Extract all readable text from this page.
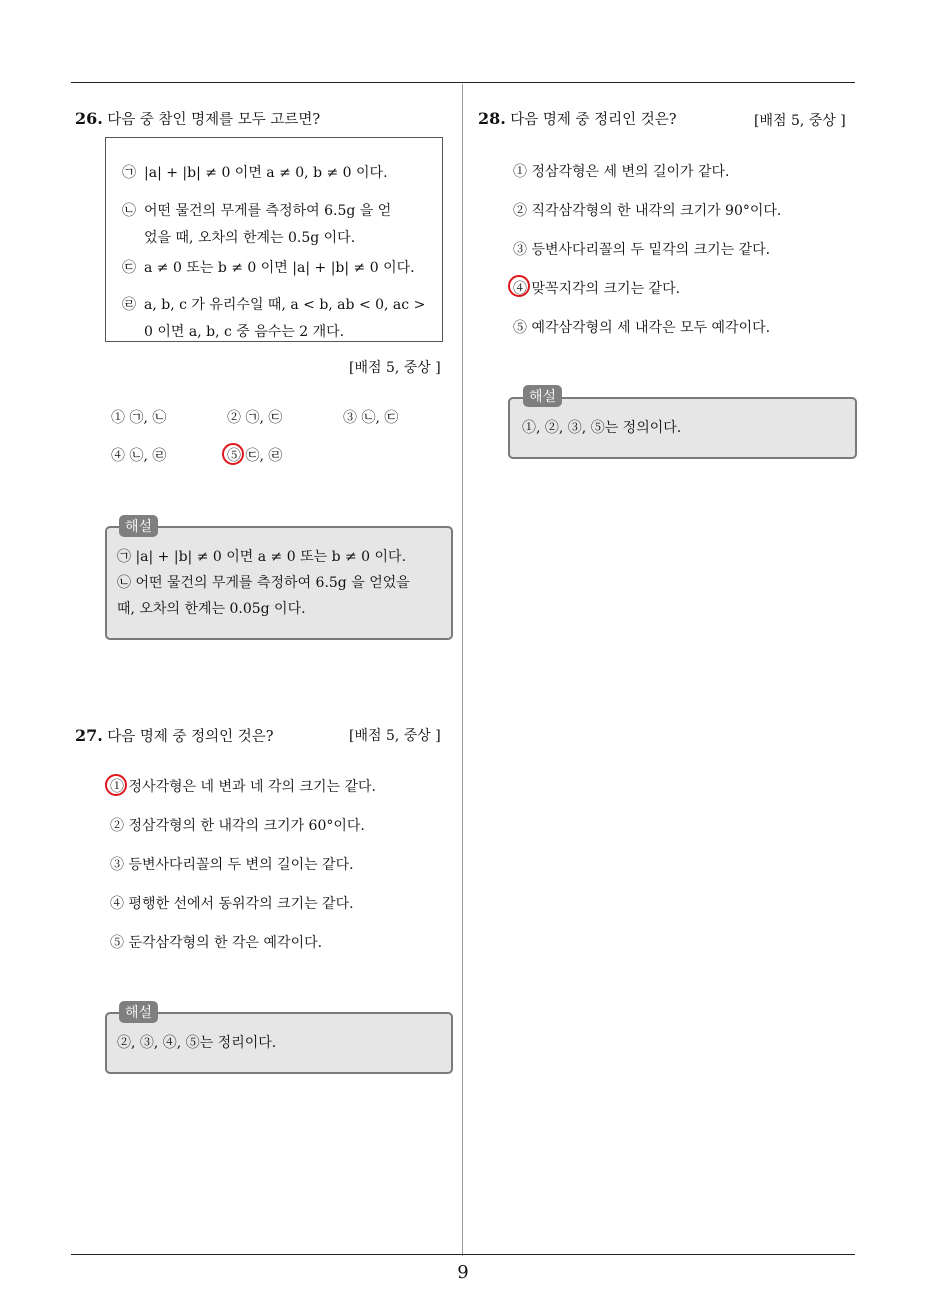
26. 다음 중 참인 명제를 모두 고르면?
㉠ |a| + |b| ≠ 0 이면 a ≠ 0, b ≠ 0 이다.
㉡ 어떤 물건의 무게를 측정하여 6.5g 을 얻
었을 때, 오차의 한계는 0.5g 이다.
㉢ a ≠ 0 또는 b ≠ 0 이면 |a| + |b| ≠ 0 이다.
㉣ a, b, c 가 유리수일 때, a < b, ab < 0, ac >
0 이면 a, b, c 중 음수는 2 개다.
[배점 5, 중상 ]
① ㉠, ㉡	② ㉠, ㉢	③ ㉡, ㉢
④ ㉡, ㉣	⑤ ㉢, ㉣
㉠ |a| + |b| ≠ 0 이면 a ≠ 0 또는 b ≠ 0 이다.
㉡ 어떤 물건의 무게를 측정하여 6.5g 을 얻었을
때, 오차의 한계는 0.05g 이다.
해설
27. 다음 명제 중 정의인 것은?	[배점 5, 중상 ]
① 정사각형은 네 변과 네 각의 크기는 같다.
② 정삼각형의 한 내각의 크기가 60°이다.
③ 등변사다리꼴의 두 변의 길이는 같다.
④ 평행한 선에서 동위각의 크기는 같다.
⑤ 둔각삼각형의 한 각은 예각이다.
②, ③, ④, ⑤는 정리이다.
해설
28. 다음 명제 중 정리인 것은?	[배점 5, 중상 ]
① 정삼각형은 세 변의 길이가 같다.
② 직각삼각형의 한 내각의 크기가 90°이다.
③ 등변사다리꼴의 두 밑각의 크기는 같다.
④ 맞꼭지각의 크기는 같다.
⑤ 예각삼각형의 세 내각은 모두 예각이다.
①, ②, ③, ⑤는 정의이다.
해설
9
